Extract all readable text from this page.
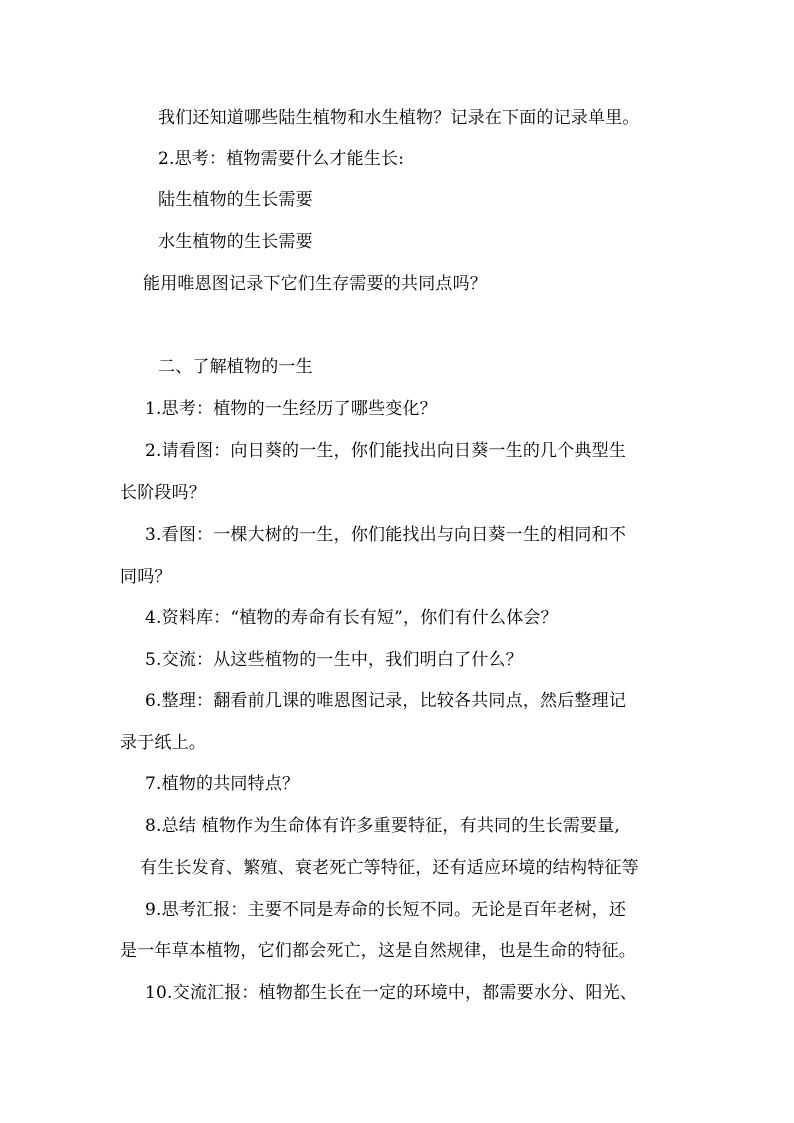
我们还知道哪些陆生植物和水生植物？记录在下面的记录单里。
2.思考：植物需要什么才能生长:
陆生植物的生长需要
水生植物的生长需要
能用唯恩图记录下它们生存需要的共同点吗？
二、了解植物的一生
1.思考：植物的一生经历了哪些变化？
2.请看图：向日葵的一生，你们能找出向日葵一生的几个典型生
长阶段吗？
3.看图：一棵大树的一生，你们能找出与向日葵一生的相同和不
同吗？
4.资料库：“植物的寿命有长有短”，你们有什么体会？
5.交流：从这些植物的一生中，我们明白了什么？
6.整理：翻看前几课的唯恩图记录，比较各共同点，然后整理记
录于纸上。
7.植物的共同特点？
8.总结 植物作为生命体有许多重要特征，有共同的生长需要量,
有生长发育、繁殖、衰老死亡等特征，还有适应环境的结构特征等
9.思考汇报：主要不同是寿命的长短不同。无论是百年老树，还
是一年草本植物，它们都会死亡，这是自然规律，也是生命的特征。
10.交流汇报：植物都生长在一定的环境中，都需要水分、阳光、
